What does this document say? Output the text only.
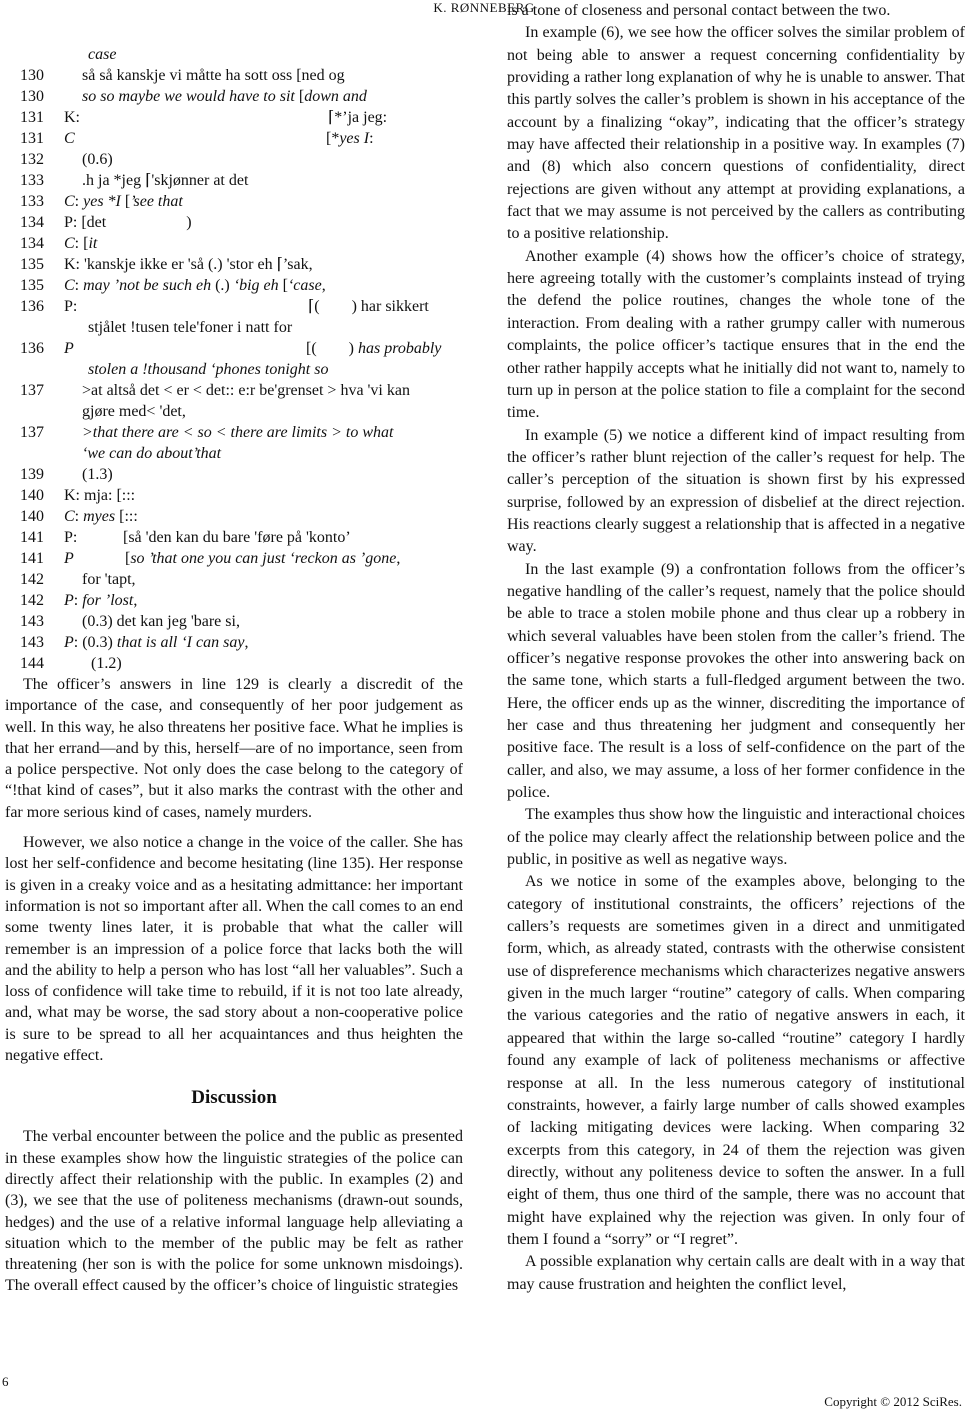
K. RØNNEBERG
case
130 så så kanskje vi måtte ha sott oss [ned og
130 so so maybe we would have to sit [down and
131 K:	⌈*’ja jeg:
131 C	[*yes I:
132 (0.6)
133 .h ja *jeg ⌈'skjønner at det
133 C: yes *I [’see that
134 P: [det                    )
134 C: [it
135 K: 'kanskje ikke er 'så (.) 'stor eh ⌈’sak,
135 C: may ’not be such eh (.) ‘big eh [‘case,
136 P:	⌈(        ) har sikkert
stjålet !tusen tele'foner i natt for
136 P	[(        ) has probably
stolen a !thousand ‘phones tonight so
137 >at altså det < er < det:: e:r be'grenset > hva 'vi kan
gjøre med< 'det,
137 >that there are < so < there are limits > to what
‘we can do about’that
139 (1.3)
140 K: mja: [:::
140 C: myes [:::
141 P:	[så 'den kan du bare 'føre på 'konto’
141 P	[so ’that one you can just ‘reckon as ’gone,
142 for 'tapt,
142 P: for ’lost,
143 (0.3) det kan jeg 'bare si,
143 P: (0.3) that is all ‘I can say,
144	(1.2)

The officer’s answers in line 129 is clearly a discredit of the importance of the case, and consequently of her poor judgement as well. In this way, he also threatens her positive face. What he implies is that her errand—and by this, herself—are of no importance, seen from a police perspective. Not only does the case belong to the category of “!that kind of cases”, but it also marks the contrast with the other and far more serious kind of cases, namely murders.

However, we also notice a change in the voice of the caller. She has lost her self-confidence and become hesitating (line 135). Her response is given in a creaky voice and as a hesitating admittance: her important information is not so important after all. When the call comes to an end some twenty lines later, it is probable that what the caller will remember is an impression of a police force that lacks both the will and the ability to help a person who has lost “all her valuables”. Such a loss of confidence will take time to rebuild, if it is not too late already, and, what may be worse, the sad story about a non-cooperative police is sure to be spread to all her acquaintances and thus heighten the negative effect.

Discussion

The verbal encounter between the police and the public as presented in these examples show how the linguistic strategies of the police can directly affect their relationship with the public. In examples (2) and (3), we see that the use of politeness mechanisms (drawn-out sounds, hedges) and the use of a relative informal language help alleviating a situation which to the member of the public may be felt as rather threatening (her son is with the police for some unknown misdoings). The overall effect caused by the officer’s choice of linguistic strategies

is a tone of closeness and personal contact between the two.

In example (6), we see how the officer solves the similar problem of not being able to answer a request concerning confidentiality by providing a rather long explanation of why he is unable to answer. That this partly solves the caller’s problem is shown in his acceptance of the account by a finalizing “okay”, indicating that the officer’s strategy may have affected their relationship in a positive way. In examples (7) and (8) which also concern questions of confidentiality, direct rejections are given without any attempt at providing explanations, a fact that we may assume is not perceived by the callers as contributing to a positive relationship.

Another example (4) shows how the officer’s choice of strategy, here agreeing totally with the customer’s complaints instead of trying the defend the police routines, changes the whole tone of the interaction. From dealing with a rather grumpy caller with numerous complaints, the police officer’s tactique ensures that in the end the other rather happily accepts what he initially did not want to, namely to turn up in person at the police station to file a complaint for the second time.

In example (5) we notice a different kind of impact resulting from the officer’s rather blunt rejection of the caller’s request for help. The caller’s perception of the situation is shown first by his expressed surprise, followed by an expression of disbelief at the direct rejection. His reactions clearly suggest a relationship that is affected in a negative way.

In the last example (9) a confrontation follows from the officer’s negative handling of the caller’s request, namely that the police should be able to trace a stolen mobile phone and thus clear up a robbery in which several valuables have been stolen from the caller’s friend. The officer’s negative response provokes the other into answering back on the same tone, which starts a full-fledged argument between the two. Here, the officer ends up as the winner, discrediting the importance of her case and thus threatening her judgment and consequently her positive face. The result is a loss of self-confidence on the part of the caller, and also, we may assume, a loss of her former confidence in the police.

The examples thus show how the linguistic and interactional choices of the police may clearly affect the relationship between police and the public, in positive as well as negative ways.

As we notice in some of the examples above, belonging to the category of institutional constraints, the officers’ rejections of the callers’s requests are sometimes given in a direct and unmitigated form, which, as already stated, contrasts with the otherwise consistent use of dispreference mechanisms which characterizes negative answers given in the much larger “routine” category of calls. When comparing the various categories and the ratio of negative answers in each, it appeared that within the large so-called “routine” category I hardly found any example of lack of politeness mechanisms or affective response at all. In the less numerous category of institutional constraints, however, a fairly large number of calls showed examples of lacking mitigating devices were lacking. When comparing 32 excerpts from this category, in 24 of them the rejection was given directly, without any politeness device to soften the answer. In a full eight of them, thus one third of the sample, there was no account that might have explained why the rejection was given. In only four of them I found a “sorry” or “I regret”.

A possible explanation why certain calls are dealt with in a way that may cause frustration and heighten the conflict level,

6
Copyright © 2012 SciRes.
